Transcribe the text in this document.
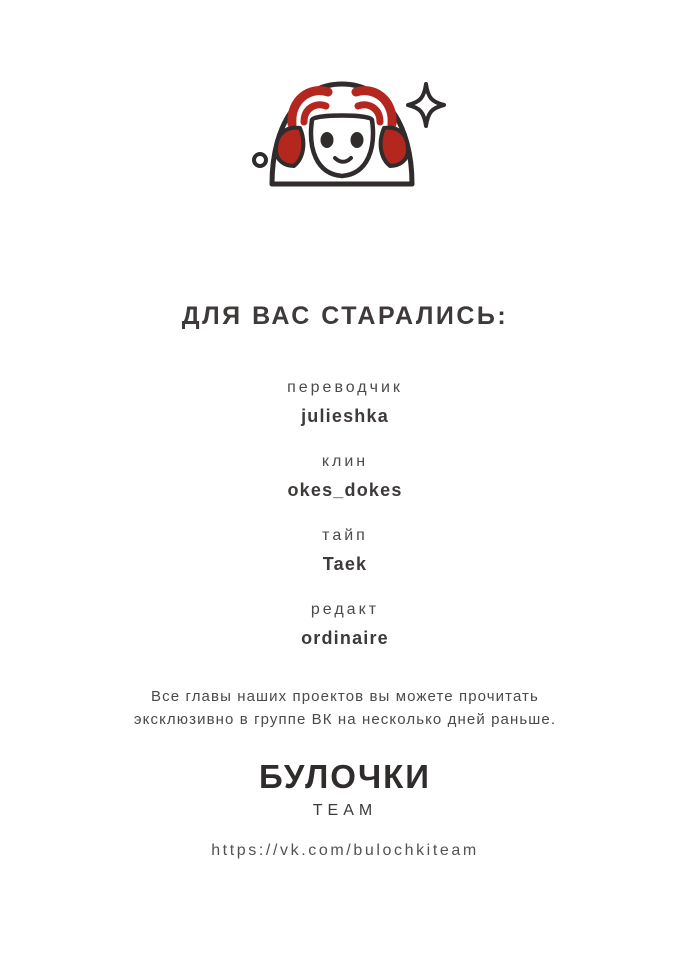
ДЛЯ ВАС СТАРАЛИСЬ:
переводчик
julieshka
клин
okes_dokes
тайп
Taek
редакт
ordinaire
Все главы наших проектов вы можете прочитать
эксклюзивно в группе ВК на несколько дней раньше.
БУЛОЧКИ
TEAM
https://vk.com/bulochkiteam
